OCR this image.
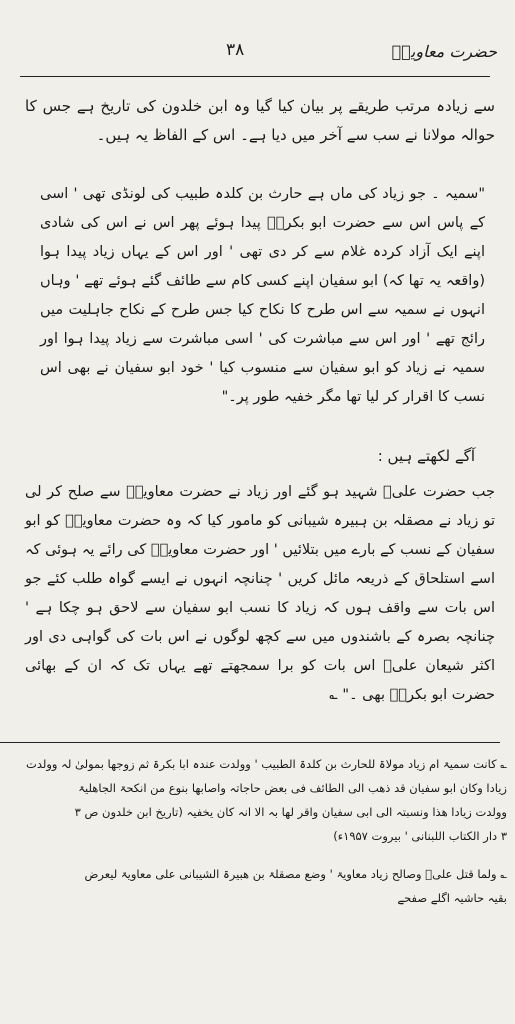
حضرت معاویہؓ
۳۸

سے زیادہ مرتب طریقے پر بیان کیا گیا وہ ابن خلدون کی تاریخ ہے جس کا حوالہ مولانا نے سب سے آخر میں دیا ہے۔ اس کے الفاظ یہ ہیں۔

"سمیہ ۔ جو زیاد کی ماں ہے حارث بن کلدہ طبیب کی لونڈی تھی ' اسی کے پاس اس سے حضرت ابو بکرہؓ پیدا ہوئے پھر اس نے اس کی شادی اپنے ایک آزاد کردہ غلام سے کر دی تھی ' اور اس کے یہاں زیاد پیدا ہوا (واقعہ یہ تھا کہ) ابو سفیان اپنے کسی کام سے طائف گئے ہوئے تھے ' وہاں انہوں نے سمیہ سے اس طرح کا نکاح کیا جس طرح کے نکاح جاہلیت میں رائج تھے ' اور اس سے مباشرت کی ' اسی مباشرت سے زیاد پیدا ہوا اور سمیہ نے زیاد کو ابو سفیان سے منسوب کیا ' خود ابو سفیان نے بھی اس نسب کا اقرار کر لیا تھا مگر خفیہ طور پر۔"

آگے لکھتے ہیں :

جب حضرت علیؓ شہید ہو گئے اور زیاد نے حضرت معاویہؓ سے صلح کر لی تو زیاد نے مصقلہ بن ہبیرہ شیبانی کو مامور کیا کہ وہ حضرت معاویہؓ کو ابو سفیان کے نسب کے بارے میں بتلائیں ' اور حضرت معاویہؓ کی رائے یہ ہوئی کہ اسے استلحاق کے ذریعہ مائل کریں ' چنانچہ انہوں نے ایسے گواہ طلب کئے جو اس بات سے واقف ہوں کہ زیاد کا نسب ابو سفیان سے لاحق ہو چکا ہے ' چنانچہ بصرہ کے باشندوں میں سے کچھ لوگوں نے اس بات کی گواہی دی اور اکثر شیعان علیؓ اس بات کو برا سمجھتے تھے یہاں تک کہ ان کے بھائی حضرت ابو بکرہؓ بھی ۔" ؎

؎ کانت سمیۃ ام زیاد مولاۃ للحارث بن کلدۃ الطبیب ' وولدت عندہ ابا بکرۃ ثم زوجھا بمولیٰ لہ وولدت
زیادا وکان ابو سفیان قد ذھب الی الطائف فی بعض حاجاتہ واصابھا بنوع من انکحۃ الجاھلیۃ
وولدت زیادا ھذا ونسبتہ الی ابی سفیان واقر لھا بہ الا انہ کان یخفیہ (تاریخ ابن خلدون ص ۳
۳ دار الکتاب اللبنانی ' بیروت ۱۹۵۷ء)
؎ ولما قتل علیؓ وصالح زیاد معاویۃ ' وضع مصقلۃ بن ھبیرۃ الشیبانی علی معاویۃ لیعرض
بقیہ حاشیہ اگلے صفحے
